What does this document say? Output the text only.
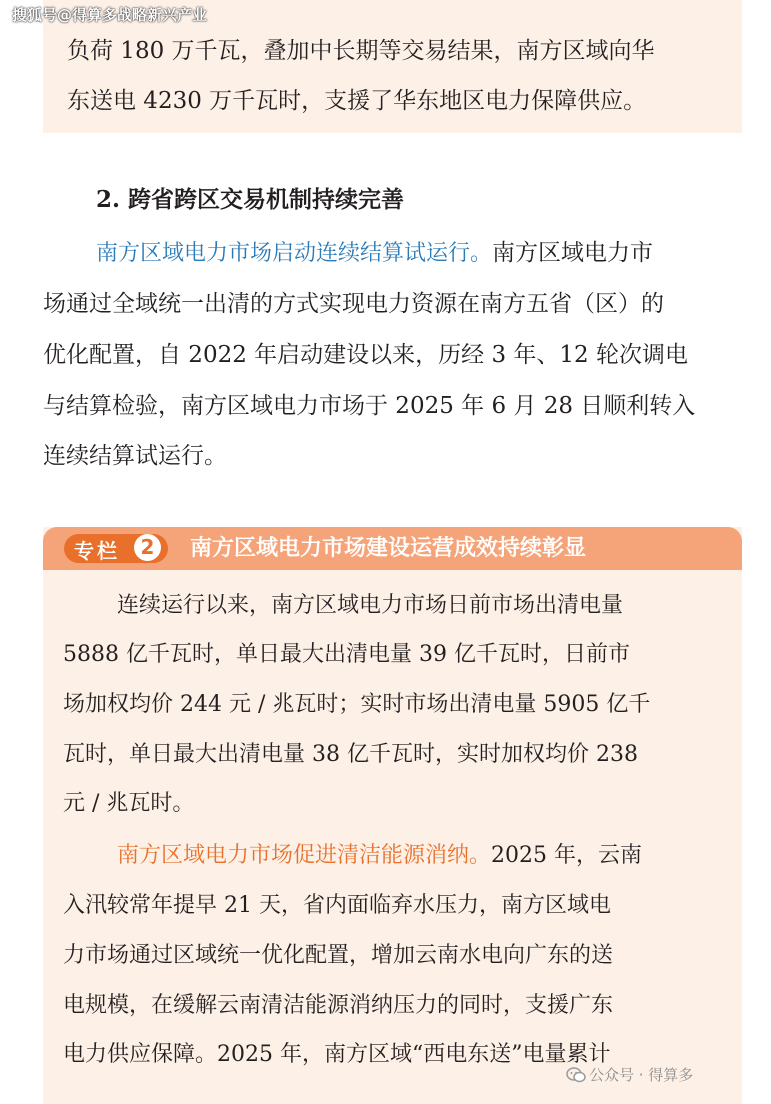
负荷 180 万千瓦，叠加中长期等交易结果，南方区域向华

东送电 4230 万千瓦时，支援了华东地区电力保障供应。

搜狐号@得算多战略新兴产业
2. 跨省跨区交易机制持续完善

南方区域电力市场启动连续结算试运行。南方区域电力市

场通过全域统一出清的方式实现电力资源在南方五省（区）的

优化配置，自 2022 年启动建设以来，历经 3 年、12 轮次调电

与结算检验，南方区域电力市场于 2025 年 6 月 28 日顺利转入

连续结算试运行。

专栏	2 南方区域电力市场建设运营成效持续彰显

连续运行以来，南方区域电力市场日前市场出清电量

5888 亿千瓦时，单日最大出清电量 39 亿千瓦时，日前市

场加权均价 244 元 / 兆瓦时；实时市场出清电量 5905 亿千

瓦时，单日最大出清电量 38 亿千瓦时，实时加权均价 238

元 / 兆瓦时。

南方区域电力市场促进清洁能源消纳。2025 年，云南

入汛较常年提早 21 天，省内面临弃水压力，南方区域电

力市场通过区域统一优化配置，增加云南水电向广东的送

电规模，在缓解云南清洁能源消纳压力的同时，支援广东

电力供应保障。2025 年，南方区域“西电东送”电量累计

公众号 · 得算多
